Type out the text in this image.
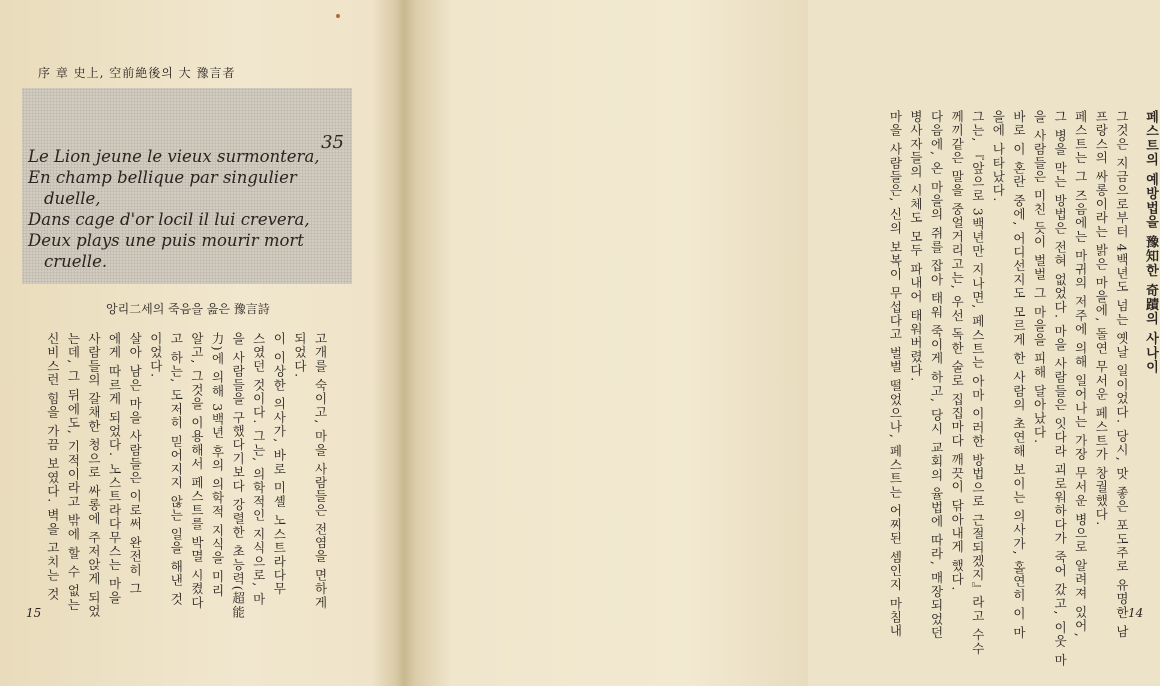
序 章 史上, 空前絶後의 大 豫言者
35
Le Lion jeune le vieux surmontera,
En champ bellique par singulier
duelle,
Dans cage d'or locil il lui crevera,
Deux plays une puis mourir mort
cruelle.
앙리二세의 죽음을 읊은 豫言詩
고개를 숙이고, 마을 사람들은 전염을 면하게
되었다.
이 이상한 의사가, 바로 미셸 노스트라다무
스였던 것이다. 그는, 의학적인 지식으로, 마
을 사람들을 구했다기보다 강렬한 초능력(超能
力)에 의해 3백년 후의 의학적 지식을 미리
알고, 그것을 이용해서 페스트를 박멸 시켰다
고 하는, 도저히 믿어지지 않는 일을 해낸 것
이었다.
살아 남은 마을 사람들은 이로써 완전히 그
에게 따르게 되었다. 노스트라다무스는 마을
사람들의 갈채한 청으로 싸롱에 주저앉게 되었
는데, 그 뒤에도, 기적이라고 밖에 할 수 없는
신비스런 힘을 가끔 보였다. 벽을 고치는 것
15
페스트의 예방법을 豫知한 奇蹟의 사나이
그것은 지금으로부터 4백년도 넘는 옛날 일이었다. 당시, 맛 좋은 포도주로 유명한 남
프랑스의 싸롱이라는 밝은 마을에, 돌연 무서운 페스트가 창궐했다.
페스트는 그 즈음에는 마귀의 저주에 의해 일어나는 가장 무서운 병으로 알려져 있어,
그 병을 막는 방법은 전혀 없었다. 마을 사람들은 잇다라 괴로워하다가 죽어 갔고, 이웃 마
을 사람들은 미친 듯이 벌벌 그 마을을 피해 달아났다.
바로 이 혼란 중에, 어디선지도 모르게 한 사람의 초연해 보이는 의사가, 홀연히 이 마
을에 나타났다.
그는, 『앞으로 3백년만 지나면, 페스트는 아마 이러한 방법으로 근절되겠지』라고 수수
께끼같은 말을 중얼거리고는, 우선 독한 술로 집집마다 깨끗이 닦아내게 했다.
다음에, 온 마을의 쥐를 잡아 태워 죽이게 하고, 당시 교회의 율법에 따라, 매장되었던
병사자들의 시체도 모두 파내어 태워버렸다.
마을 사람들은, 신의 보복이 무섭다고 벌벌 떨었으나, 페스트는 어찌된 셈인지 마침내	14
